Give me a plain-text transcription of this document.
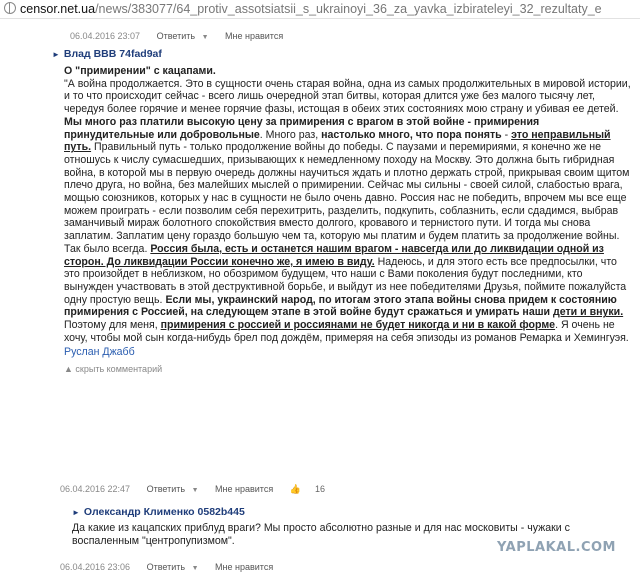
censor.net.ua/news/383077/64_protiv_assotsiatsii_s_ukrainoyi_36_za_yavka_izbirateleyi_32_rezultaty_e
06.04.2016 23:07 Ответить ▼ Мне нравится
► Влад ВВВ 74fad9af

О "примирении" с кацапами.

"А война продолжается. Это в сущности очень старая война, одна из самых продолжительных в мировой истории, и то что происходит сейчас - всего лишь очередной этап битвы, которая длится уже без малого тысячу лет, чередуя более горячие и менее горячие фазы, истощая в обеих этих состояниях мою страну и убивая ее детей. Мы много раз платили высокую цену за примирения с врагом в этой войне - примирения принудительные или добровольные. Много раз, настолько много, что пора понять - это неправильный путь. Правильный путь - только продолжение войны до победы. С паузами и перемириями, я конечно же не отношусь к числу сумасшедших, призывающих к немедленному походу на Москву. Это должна быть гибридная война, в которой мы в первую очередь должны научиться ждать и плотно держать строй, прикрывая своим щитом плечо друга, но война, без малейших мыслей о примирении. Сейчас мы сильны - своей силой, слабостью врага, мощью союзников, которых у нас в сущности не было очень давно. Россия нас не победить, впрочем мы все еще можем проиграть - если позволим себя перехитрить, разделить, подкупить, соблазнить, если сдадимся, выбрав заманчивый мираж болотного спокойствия вместо долгого, кровавого и тернистого пути. И тогда мы снова заплатим. Заплатим цену гораздо большую чем та, которую мы платим и будем платить за продолжение войны. Так было всегда. Россия была, есть и останется нашим врагом - навсегда или до ликвидации одной из сторон. До ликвидации России конечно же, я имею в виду. Надеюсь, и для этого есть все предпосылки, что это произойдет в неблизком, но обозримом будущем, что наши с Вами поколения будут последними, кто вынужден участвовать в этой деструктивной борьбе, и выйдут из нее победителями Друзья, поймите пожалуйста одну простую вещь. Если мы, украинский народ, по итогам этого этапа войны снова придем к состоянию примирения с Россией, на следующем этапе в этой войне будут сражаться и умирать наши дети и внуки. Поэтому для меня, примирения с россией и россиянами не будет никогда и ни в какой форме. Я очень не хочу, чтобы мой сын когда-нибудь брел под дождём, примеряя на себя эпизоды из романов Ремарка и Хемингуэя.

Руслан Джабб
▲ скрыть комментарий
06.04.2016 22:47 Ответить ▼ Мне нравится 👍 16
► Олександр Клименко 0582b445

Да какие из кацапских приблуд враги? Мы просто абсолютно разные и для нас московиты - чужаки с воспаленным "центропупизмом".

06.04.2016 23:06 Ответить ▼ Мне нравится
YAPLAKAL.COM
